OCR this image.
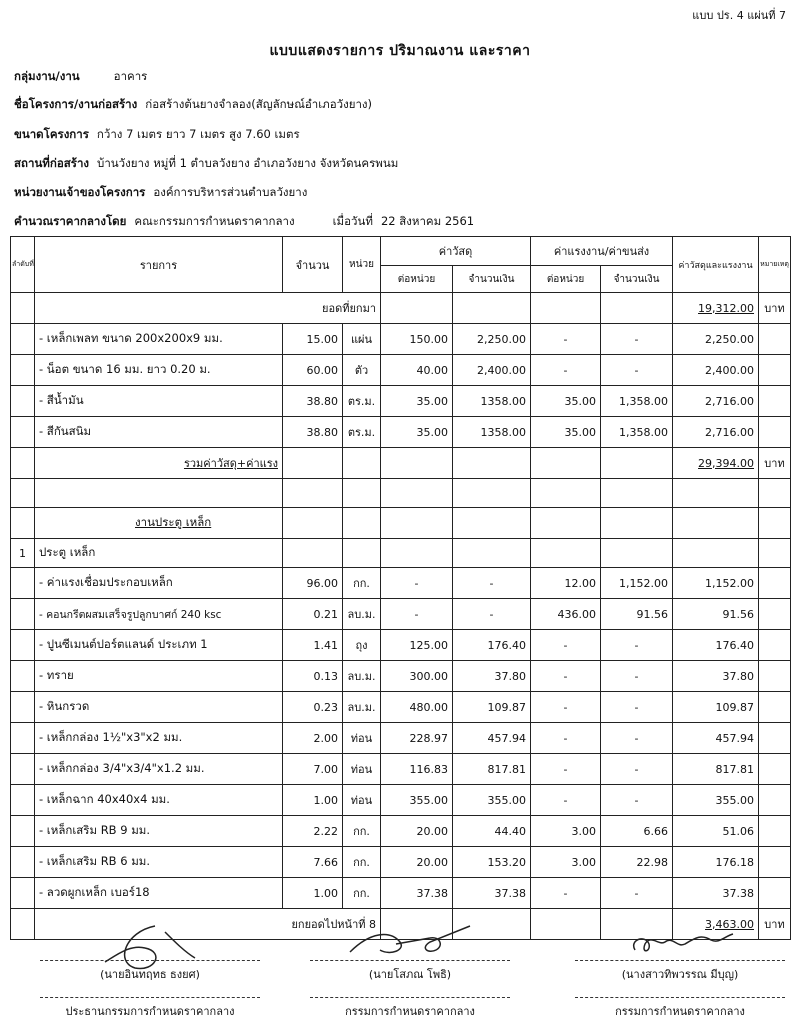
แบบ ปร. 4 แผ่นที่ 7
แบบแสดงรายการ ปริมาณงาน และราคา
กลุ่มงาน/งาน	อาคาร
ชื่อโครงการ/งานก่อสร้าง ก่อสร้างต้นยางจำลอง(สัญลักษณ์อำเภอวังยาง)
ขนาดโครงการ กว้าง 7 เมตร ยาว 7 เมตร สูง 7.60 เมตร
สถานที่ก่อสร้าง บ้านวังยาง หมู่ที่ 1 ตำบลวังยาง อำเภอวังยาง จังหวัดนครพนม
หน่วยงานเจ้าของโครงการ องค์การบริหารส่วนตำบลวังยาง
คำนวณราคากลางโดย คณะกรรมการกำหนดราคากลาง	เมื่อวันที่ 22 สิงหาคม 2561
ลำดับที่	รายการ	จำนวน	หน่วย	ค่าวัสดุ		ค่าแรงงาน/ค่าขนส่ง		ค่าวัสดุและแรงงาน	หมายเหตุ
				ต่อหน่วย	จำนวนเงิน	ต่อหน่วย	จำนวนเงิน		
	ยอดที่ยกมา							19,312.00	บาท
	- เหล็กเพลท ขนาด 200x200x9 มม.	15.00	แผ่น	150.00	2,250.00	-	-	2,250.00	
	- น็อต ขนาด 16 มม. ยาว 0.20 ม.	60.00	ตัว	40.00	2,400.00	-	-	2,400.00	
	- สีน้ำมัน	38.80	ตร.ม.	35.00	1358.00	35.00	1,358.00	2,716.00	
	- สีกันสนิม	38.80	ตร.ม.	35.00	1358.00	35.00	1,358.00	2,716.00	
	รวมค่าวัสดุ+ค่าแรง							29,394.00	บาท

	งานประตู เหล็ก								
1	ประตู เหล็ก								
	- ค่าแรงเชื่อมประกอบเหล็ก	96.00	กก.	-	-	12.00	1,152.00	1,152.00	
	- คอนกรีตผสมเสร็จรูปลูกบาศก์ 240 ksc	0.21	ลบ.ม.	-	-	436.00	91.56	91.56	
	- ปูนซีเมนต์ปอร์ตแลนด์ ประเภท 1	1.41	ถุง	125.00	176.40	-	-	176.40	
	- ทราย	0.13	ลบ.ม.	300.00	37.80	-	-	37.80	
	- หินกรวด	0.23	ลบ.ม.	480.00	109.87	-	-	109.87	
	- เหล็กกล่อง 1½"x3"x2 มม.	2.00	ท่อน	228.97	457.94	-	-	457.94	
	- เหล็กกล่อง 3/4"x3/4"x1.2 มม.	7.00	ท่อน	116.83	817.81	-	-	817.81	
	- เหล็กฉาก 40x40x4 มม.	1.00	ท่อน	355.00	355.00	-	-	355.00	
	- เหล็กเสริม RB 9 มม.	2.22	กก.	20.00	44.40	3.00	6.66	51.06	
	- เหล็กเสริม RB 6 มม.	7.66	กก.	20.00	153.20	3.00	22.98	176.18	
	- ลวดผูกเหล็ก เบอร์18	1.00	กก.	37.38	37.38	-	-	37.38	
	ยกยอดไปหน้าที่ 8							3,463.00	บาท
(นายอินทฤทธ ธงยศ)
ประธานกรรมการกำหนดราคากลาง
(นายโสภณ โพธิ)
กรรมการกำหนดราคากลาง
(นางสาวทิพวรรณ มีบุญ)
กรรมการกำหนดราคากลาง
